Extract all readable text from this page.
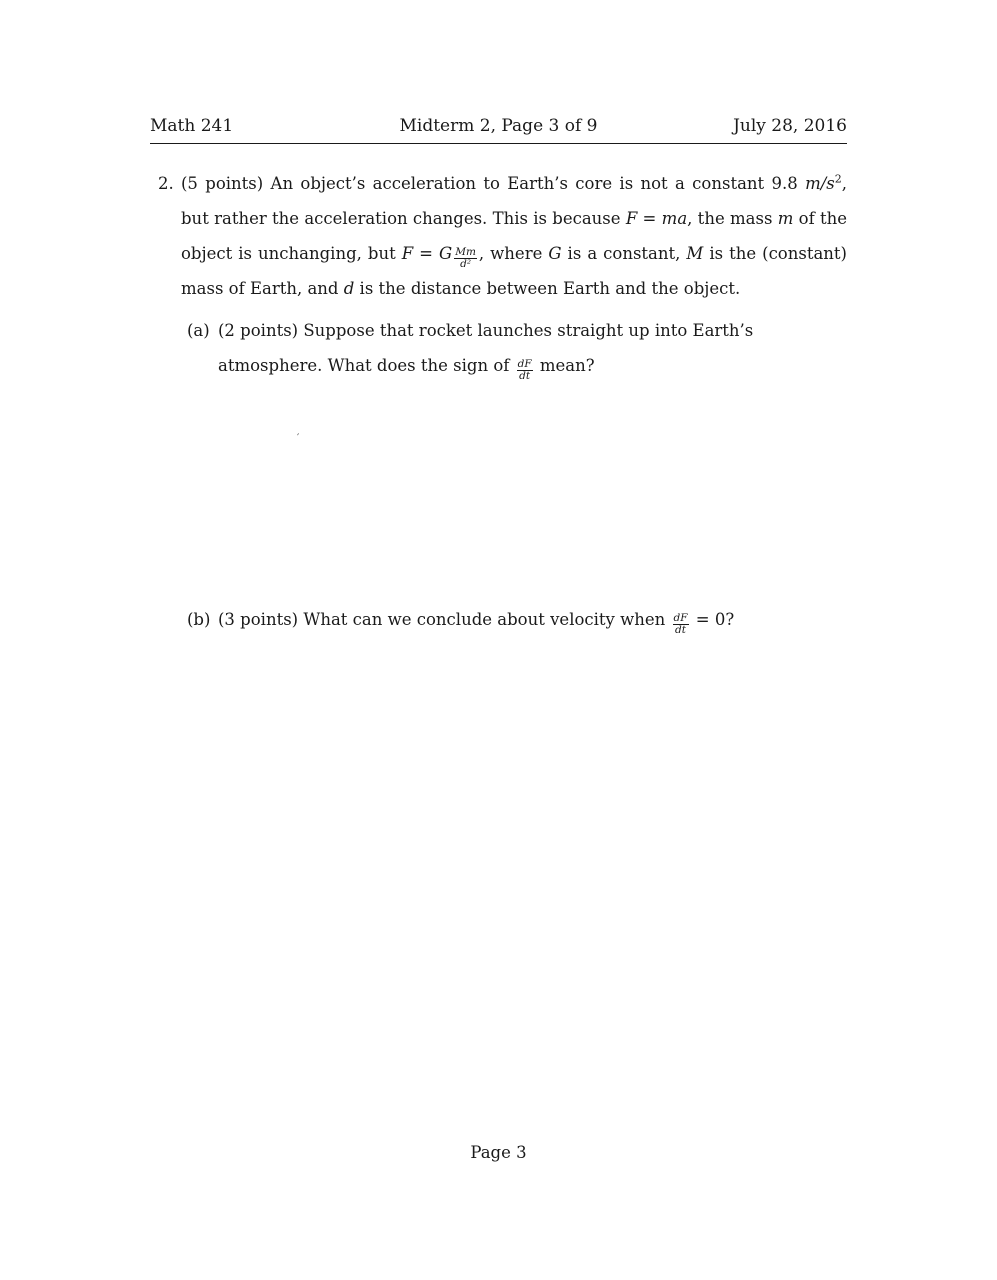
Math 241	Midterm 2, Page 3 of 9	July 28, 2016
2. (5 points) An object’s acceleration to Earth’s core is not a constant 9.8 $m/s^2$, but rather the acceleration changes. This is because F = ma, the mass m of the object is unchanging, but F = G $\frac{Mm}{\text{d²}}$ , where G is a constant, M is the (constant) mass of Earth, and d is the distance between Earth and the object.
(a) (2 points) Suppose that rocket launches straight up into Earth’s atmosphere. What does the sign of $\frac{dF}{dt}$ mean?
′
(b) (3 points) What can we conclude about velocity when $\frac{dF}{dt} = 0$?
Page 3
